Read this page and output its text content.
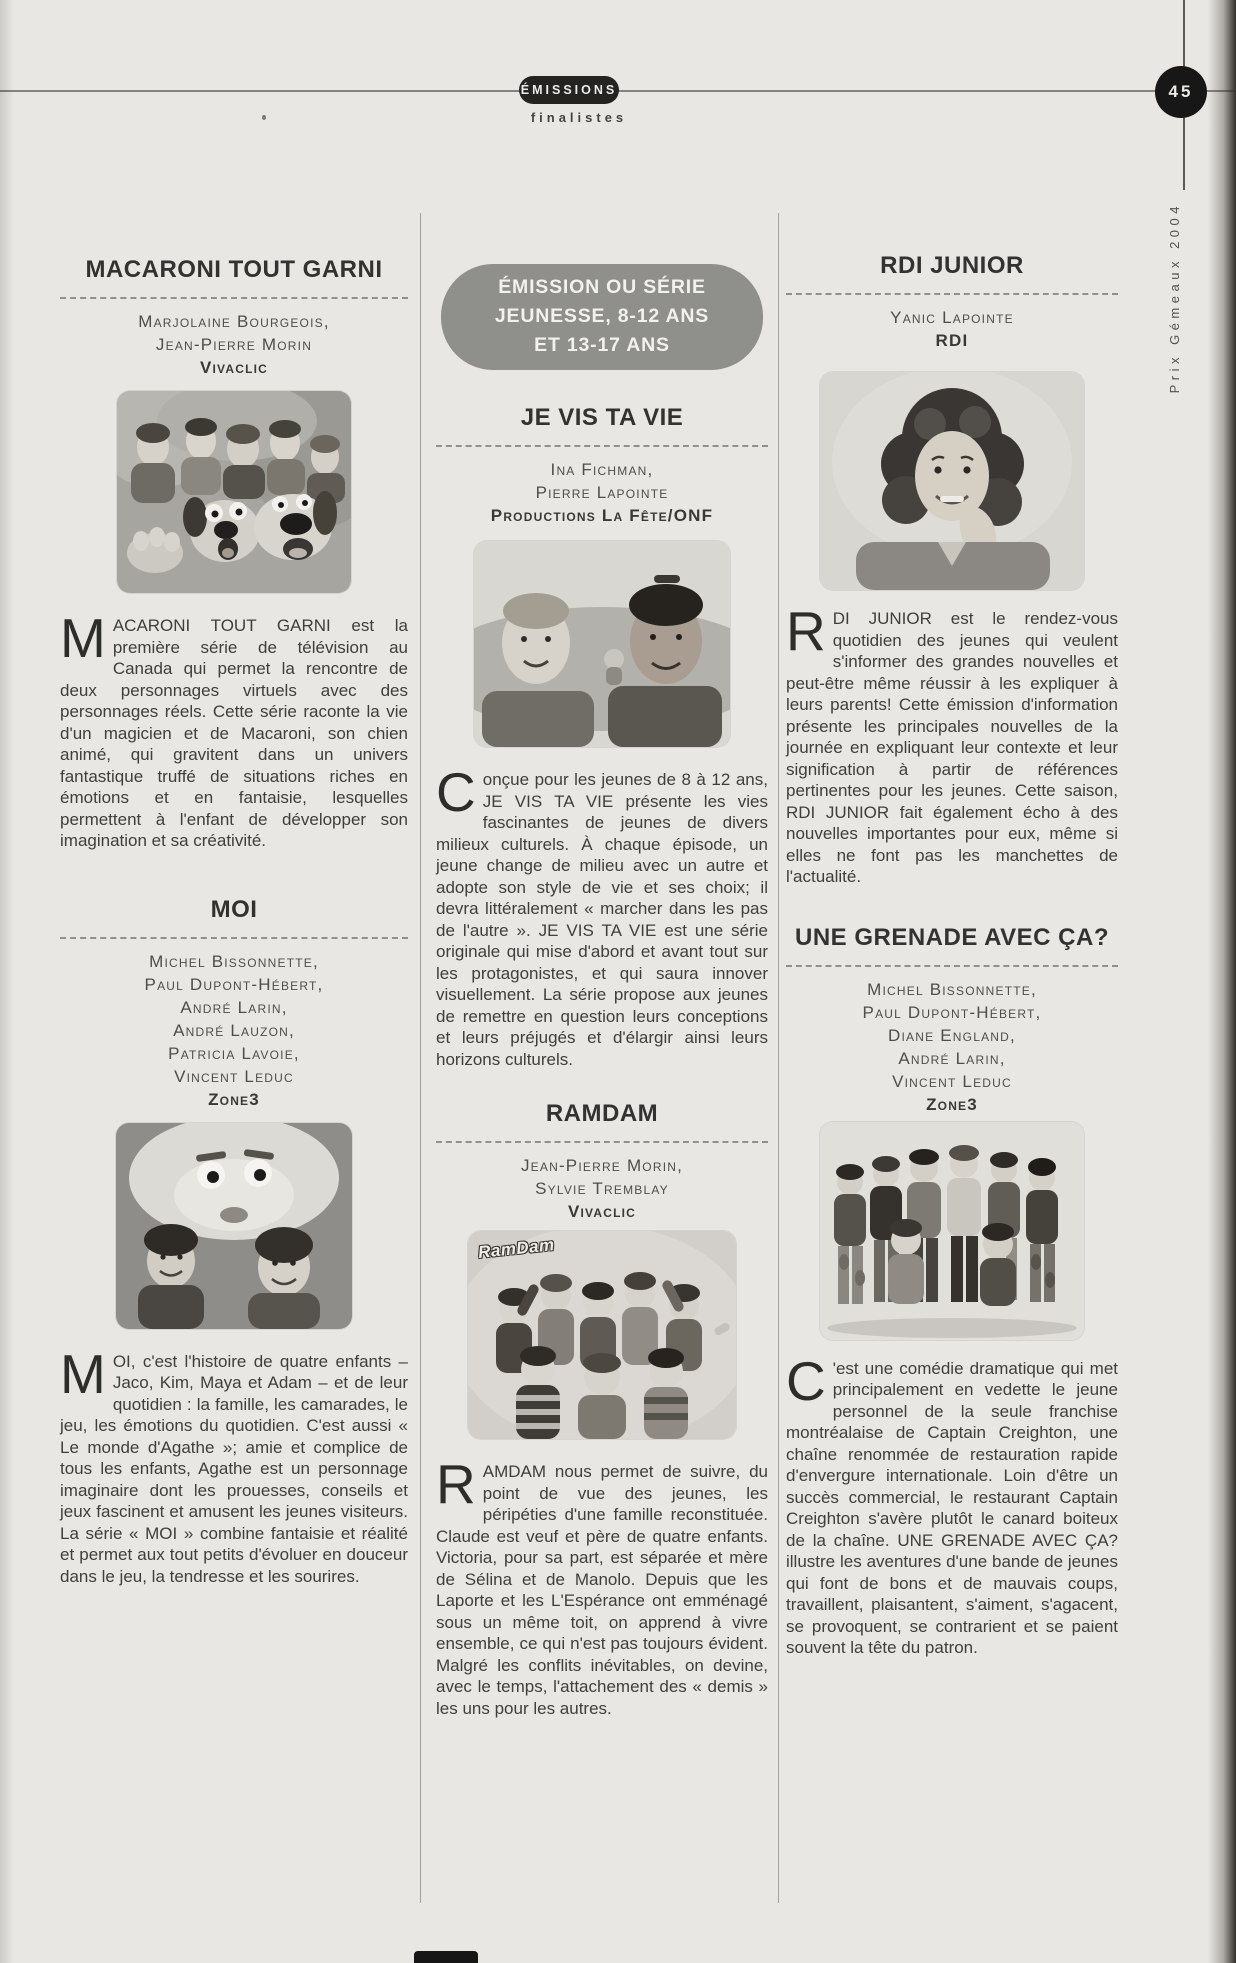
ÉMISSIONS
finalistes
45
Prix Gémeaux 2004
MACARONI TOUT GARNI
Marjolaine Bourgeois,
Jean-Pierre Morin
Vivaclic

MACARONI TOUT GARNI est la première série de télévision au Canada qui permet la rencontre de deux personnages virtuels avec des personnages réels. Cette série raconte la vie d'un magicien et de Macaroni, son chien animé, qui gravitent dans un univers fantastique truffé de situations riches en émotions et en fantaisie, lesquelles permettent à l'enfant de développer son imagination et sa créativité.

MOI
Michel Bissonnette,
Paul Dupont-Hébert,
André Larin,
André Lauzon,
Patricia Lavoie,
Vincent Leduc
Zone3

MOI, c'est l'histoire de quatre enfants – Jaco, Kim, Maya et Adam – et de leur quotidien : la famille, les camarades, le jeu, les émotions du quotidien. C'est aussi « Le monde d'Agathe »; amie et complice de tous les enfants, Agathe est un personnage imaginaire dont les prouesses, conseils et jeux fascinent et amusent les jeunes visiteurs. La série « MOI » combine fantaisie et réalité et permet aux tout petits d'évoluer en douceur dans le jeu, la tendresse et les sourires.

ÉMISSION OU SÉRIE
JEUNESSE, 8-12 ANS
ET 13-17 ANS
JE VIS TA VIE
Ina Fichman,
Pierre Lapointe
Productions La Fête/ONF

Conçue pour les jeunes de 8 à 12 ans, JE VIS TA VIE présente les vies fascinantes de jeunes de divers milieux culturels. À chaque épisode, un jeune change de milieu avec un autre et adopte son style de vie et ses choix; il devra littéralement « marcher dans les pas de l'autre ». JE VIS TA VIE est une série originale qui mise d'abord et avant tout sur les protagonistes, et qui saura innover visuellement. La série propose aux jeunes de remettre en question leurs conceptions et leurs préjugés et d'élargir ainsi leurs horizons culturels.

RAMDAM
Jean-Pierre Morin,
Sylvie Tremblay
Vivaclic
RamDam

RAMDAM nous permet de suivre, du point de vue des jeunes, les péripéties d'une famille reconstituée. Claude est veuf et père de quatre enfants. Victoria, pour sa part, est séparée et mère de Sélina et de Manolo. Depuis que les Laporte et les L'Espérance ont emménagé sous un même toit, on apprend à vivre ensemble, ce qui n'est pas toujours évident. Malgré les conflits inévitables, on devine, avec le temps, l'attachement des « demis » les uns pour les autres.

RDI JUNIOR
Yanic Lapointe
RDI

RDI JUNIOR est le rendez-vous quotidien des jeunes qui veulent s'informer des grandes nouvelles et peut-être même réussir à les expliquer à leurs parents! Cette émission d'information présente les principales nouvelles de la journée en expliquant leur contexte et leur signification à partir de références pertinentes pour les jeunes. Cette saison, RDI JUNIOR fait également écho à des nouvelles importantes pour eux, même si elles ne font pas les manchettes de l'actualité.

UNE GRENADE AVEC ÇA?
Michel Bissonnette,
Paul Dupont-Hébert,
Diane England,
André Larin,
Vincent Leduc
Zone3

C 'est une comédie dramatique qui met principalement en vedette le jeune personnel de la seule franchise montréalaise de Captain Creighton, une chaîne renommée de restauration rapide d'envergure internationale. Loin d'être un succès commercial, le restaurant Captain Creighton s'avère plutôt le canard boiteux de la chaîne. UNE GRENADE AVEC ÇA? illustre les aventures d'une bande de jeunes qui font de bons et de mauvais coups, travaillent, plaisantent, s'aiment, s'agacent, se provoquent, se contrarient et se paient souvent la tête du patron.
